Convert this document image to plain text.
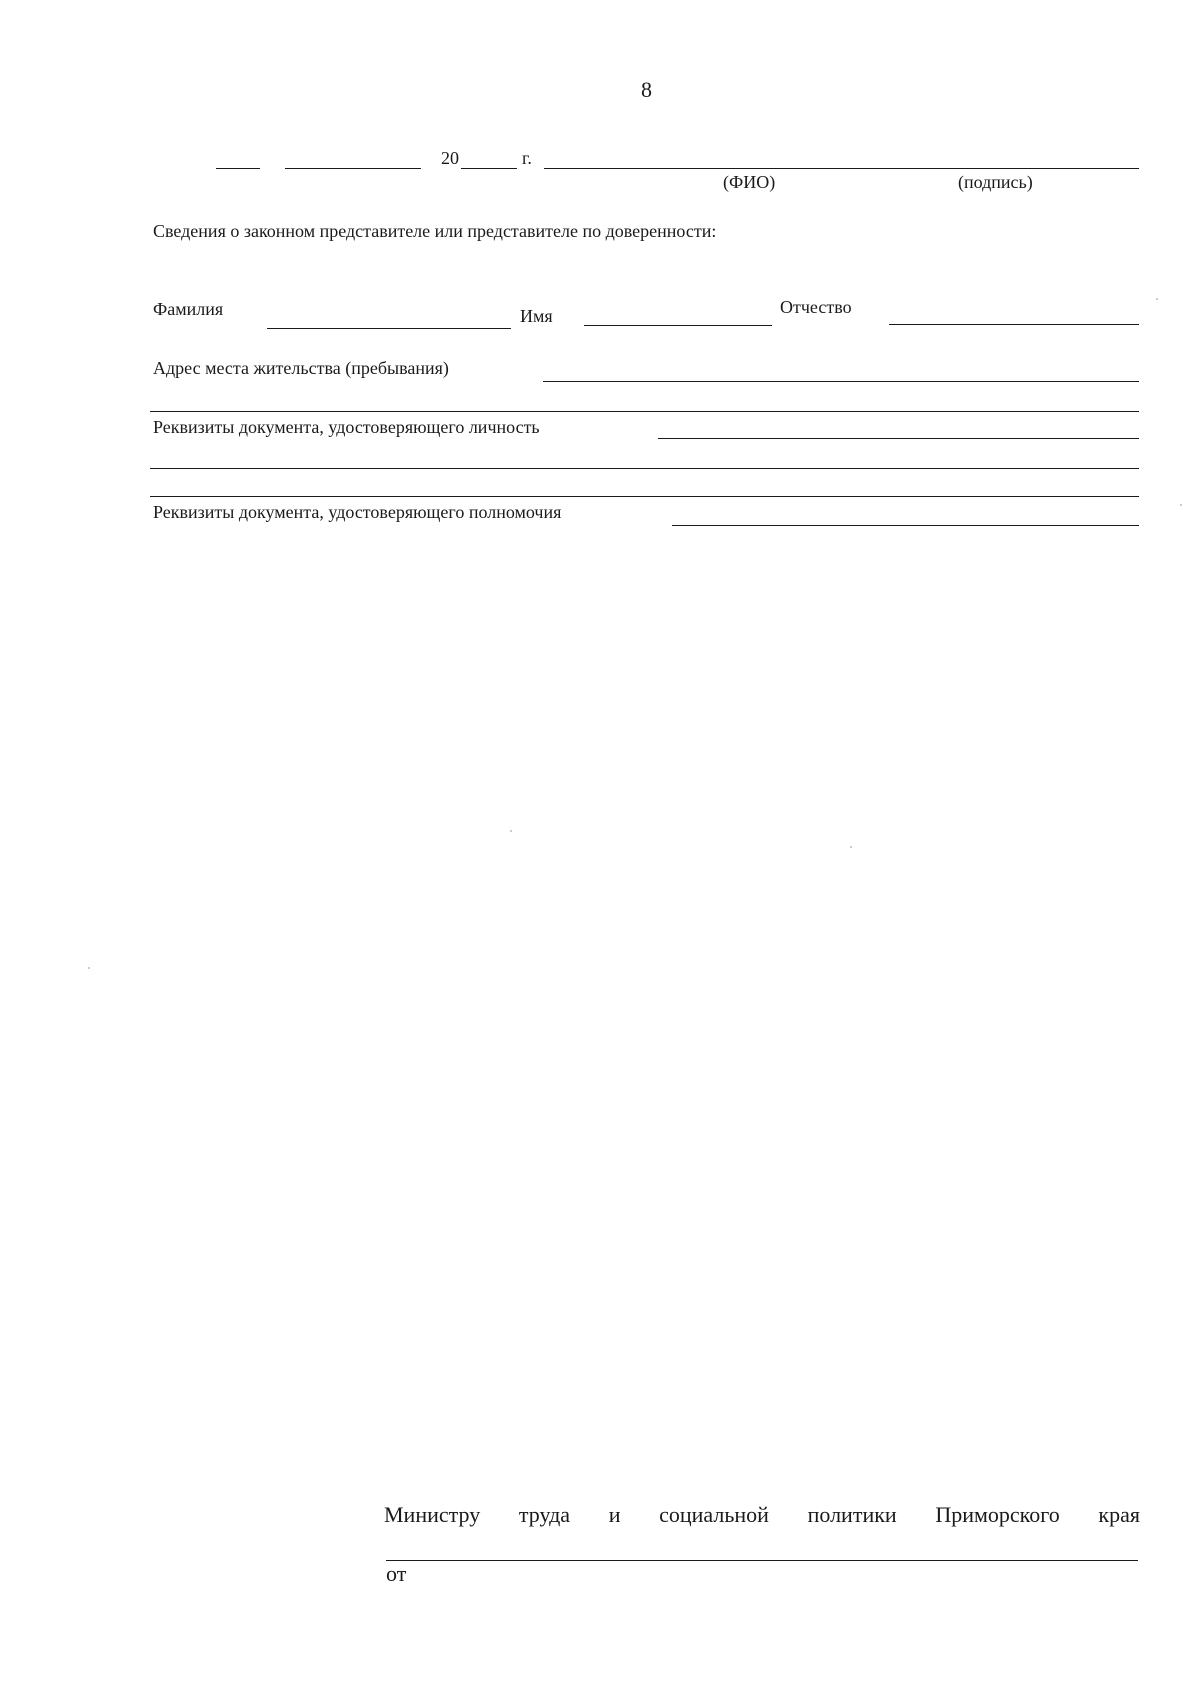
8
20	г.
(ФИО)	(подпись)
Сведения о законном представителе или представителе по доверенности:
Фамилия	Имя	Отчество
Адрес места жительства (пребывания)
Реквизиты документа, удостоверяющего личность
Реквизиты документа, удостоверяющего полномочия
Министру труда и социальной политики Приморского края
от
